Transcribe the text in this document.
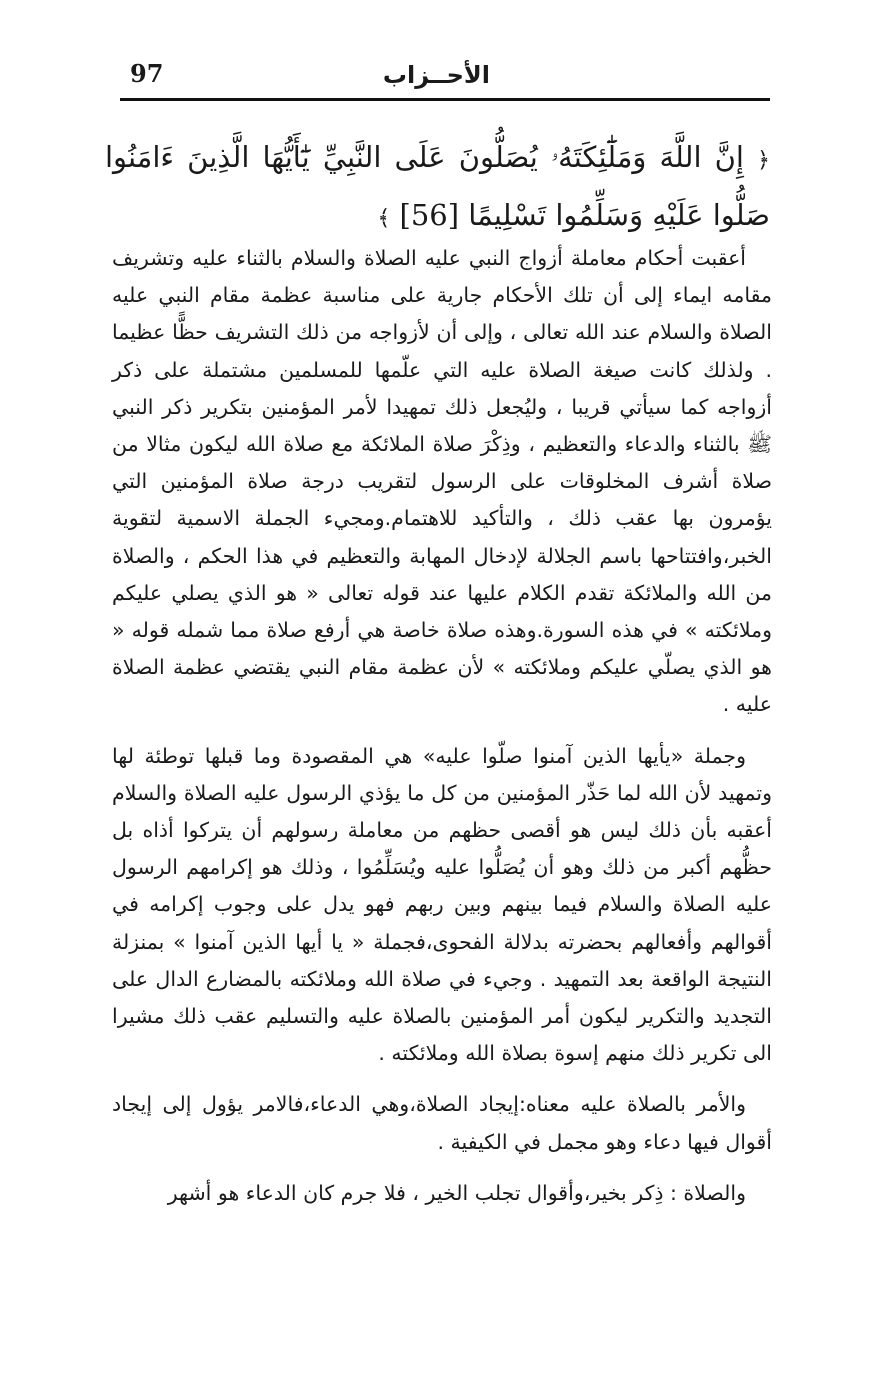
الأحــزاب
97
﴿ إِنَّ اللَّهَ وَمَلَٰٓئِكَتَهُۥ يُصَلُّونَ عَلَى النَّبِيِّ يَٰٓأَيُّهَا الَّذِينَ ءَامَنُوا صَلُّوا عَلَيْهِ وَسَلِّمُوا تَسْلِيمًا [56] ﴾

أعقبت أحكام معاملة أزواج النبي عليه الصلاة والسلام بالثناء عليه وتشريف مقامه ايماء إلى أن تلك الأحكام جارية على مناسبة عظمة مقام النبي عليه الصلاة والسلام عند الله تعالى ، وإلى أن لأزواجه من ذلك التشريف حظًّا عظيما . ولذلك كانت صيغة الصلاة عليه التي علّمها للمسلمين مشتملة على ذكر أزواجه كما سيأتي قريبا ، وليُجعل ذلك تمهيدا لأمر المؤمنين بتكرير ذكر النبي ﷺ بالثناء والدعاء والتعظيم ، وذِكْرَ صلاة الملائكة مع صلاة الله ليكون مثالا من صلاة أشرف المخلوقات على الرسول لتقريب درجة صلاة المؤمنين التي يؤمرون بها عقب ذلك ، والتأكيد للاهتمام.ومجيء الجملة الاسمية لتقوية الخبر،وافتتاحها باسم الجلالة لإدخال المهابة والتعظيم في هذا الحكم ، والصلاة من الله والملائكة تقدم الكلام عليها عند قوله تعالى « هو الذي يصلي عليكم وملائكته » في هذه السورة.وهذه صلاة خاصة هي أرفع صلاة مما شمله قوله « هو الذي يصلّي عليكم وملائكته » لأن عظمة مقام النبي يقتضي عظمة الصلاة عليه .

وجملة «يأيها الذين آمنوا صلّوا عليه» هي المقصودة وما قبلها توطئة لها وتمهيد لأن الله لما حَذّر المؤمنين من كل ما يؤذي الرسول عليه الصلاة والسلام أعقبه بأن ذلك ليس هو أقصى حظهم من معاملة رسولهم أن يتركوا أذاه بل حظُّهم أكبر من ذلك وهو أن يُصَلُّوا عليه ويُسَلِّمُوا ، وذلك هو إكرامهم الرسول عليه الصلاة والسلام فيما بينهم وبين ربهم فهو يدل على وجوب إكرامه في أقوالهم وأفعالهم بحضرته بدلالة الفحوى،فجملة « يا أيها الذين آمنوا » بمنزلة النتيجة الواقعة بعد التمهيد . وجيء في صلاة الله وملائكته بالمضارع الدال على التجديد والتكرير ليكون أمر المؤمنين بالصلاة عليه والتسليم عقب ذلك مشيرا الى تكرير ذلك منهم إسوة بصلاة الله وملائكته .

والأمر بالصلاة عليه معناه:إيجاد الصلاة،وهي الدعاء،فالامر يؤول إلى إيجاد أقوال فيها دعاء وهو مجمل في الكيفية .

والصلاة : ذِكر بخير،وأقوال تجلب الخير ، فلا جرم كان الدعاء هو أشهر
